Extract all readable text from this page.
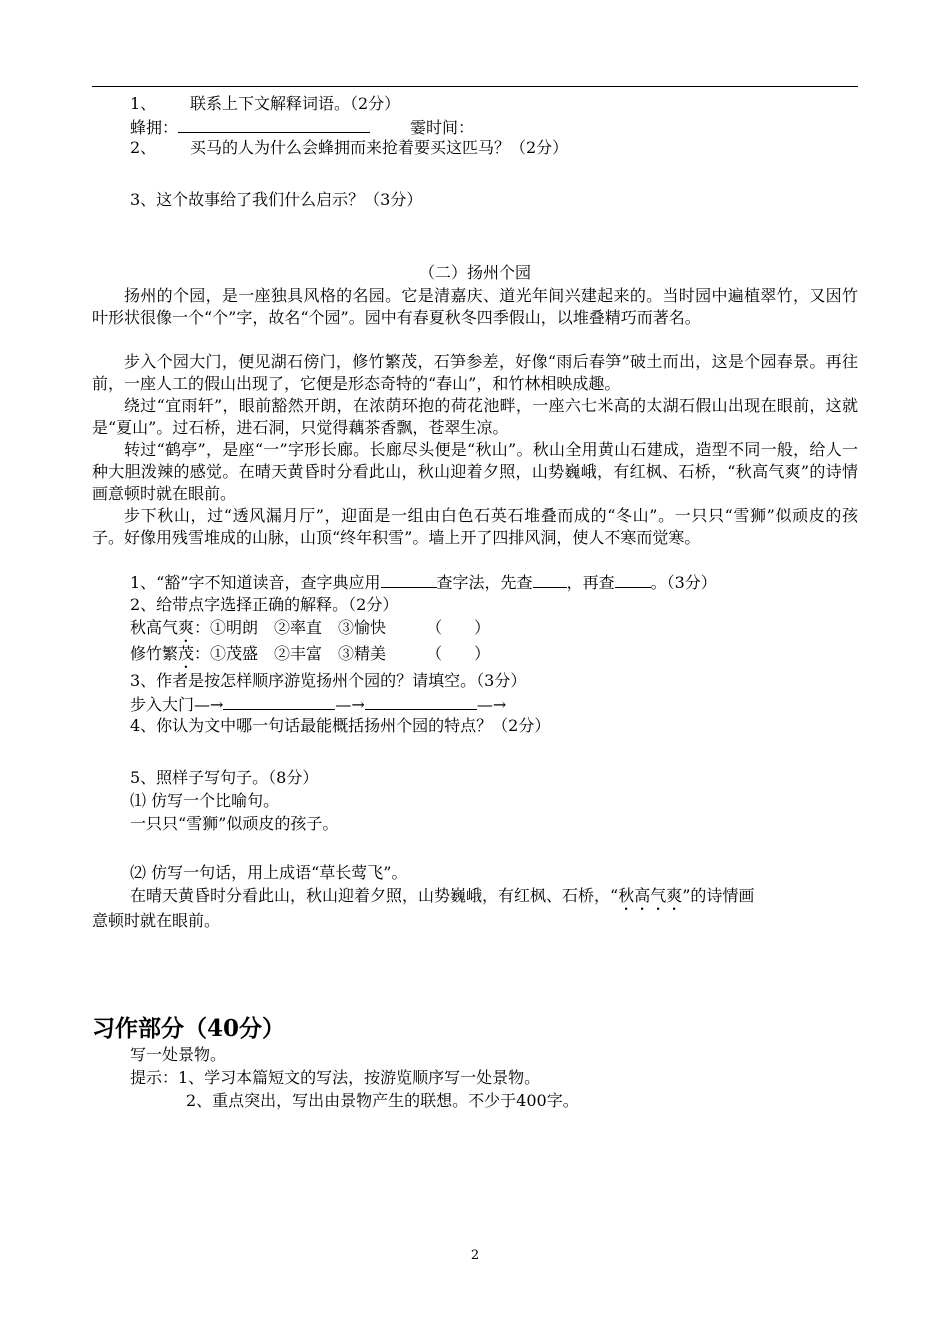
1、 联系上下文解释词语。（2分）
蜂拥：	霎时间：
2、 买马的人为什么会蜂拥而来抢着要买这匹马？（2分）
3、这个故事给了我们什么启示？（3分）
（二）扬州个园
扬州的个园，是一座独具风格的名园。它是清嘉庆、道光年间兴建起来的。当时园中遍植翠竹，又因竹叶形状很像一个“个”字，故名“个园”。园中有春夏秋冬四季假山，以堆叠精巧而著名。
步入个园大门，便见湖石傍门，修竹繁茂，石笋参差，好像“雨后春笋”破土而出，这是个园春景。再往前，一座人工的假山出现了，它便是形态奇特的“春山”，和竹林相映成趣。
绕过“宜雨轩”，眼前豁然开朗，在浓荫环抱的荷花池畔，一座六七米高的太湖石假山出现在眼前，这就是“夏山”。过石桥，进石洞，只觉得藕茶香飘，苍翠生凉。
转过“鹤亭”，是座“一”字形长廊。长廊尽头便是“秋山”。秋山全用黄山石建成，造型不同一般，给人一种大胆泼辣的感觉。在晴天黄昏时分看此山，秋山迎着夕照，山势巍峨，有红枫、石桥，“秋高气爽”的诗情画意顿时就在眼前。
步下秋山，过“透风漏月厅”，迎面是一组由白色石英石堆叠而成的“冬山”。一只只“雪狮”似顽皮的孩子。好像用残雪堆成的山脉，山顶“终年积雪”。墙上开了四排风洞，使人不寒而觉寒。
1、“豁”字不知道读音，查字典应用	查字法，先查 ，再查 。（3分）
2、给带点字选择正确的解释。（2分）
秋高气爽：①明朗　②率直　③愉快	（　　）
修竹繁茂：①茂盛　②丰富　③精美	（　　）
3、作者是按怎样顺序游览扬州个园的？请填空。（3分）
步入大门—→	—→	—→
4、你认为文中哪一句话最能概括扬州个园的特点？（2分）
5、照样子写句子。（8分）
⑴ 仿写一个比喻句。
一只只“雪狮”似顽皮的孩子。
⑵ 仿写一句话，用上成语“草长莺飞”。
在晴天黄昏时分看此山，秋山迎着夕照，山势巍峨，有红枫、石桥，“秋高气爽”的诗情画
意顿时就在眼前。
习作部分（40分）
写一处景物。
提示：1、学习本篇短文的写法，按游览顺序写一处景物。
2、重点突出，写出由景物产生的联想。不少于400字。
2
